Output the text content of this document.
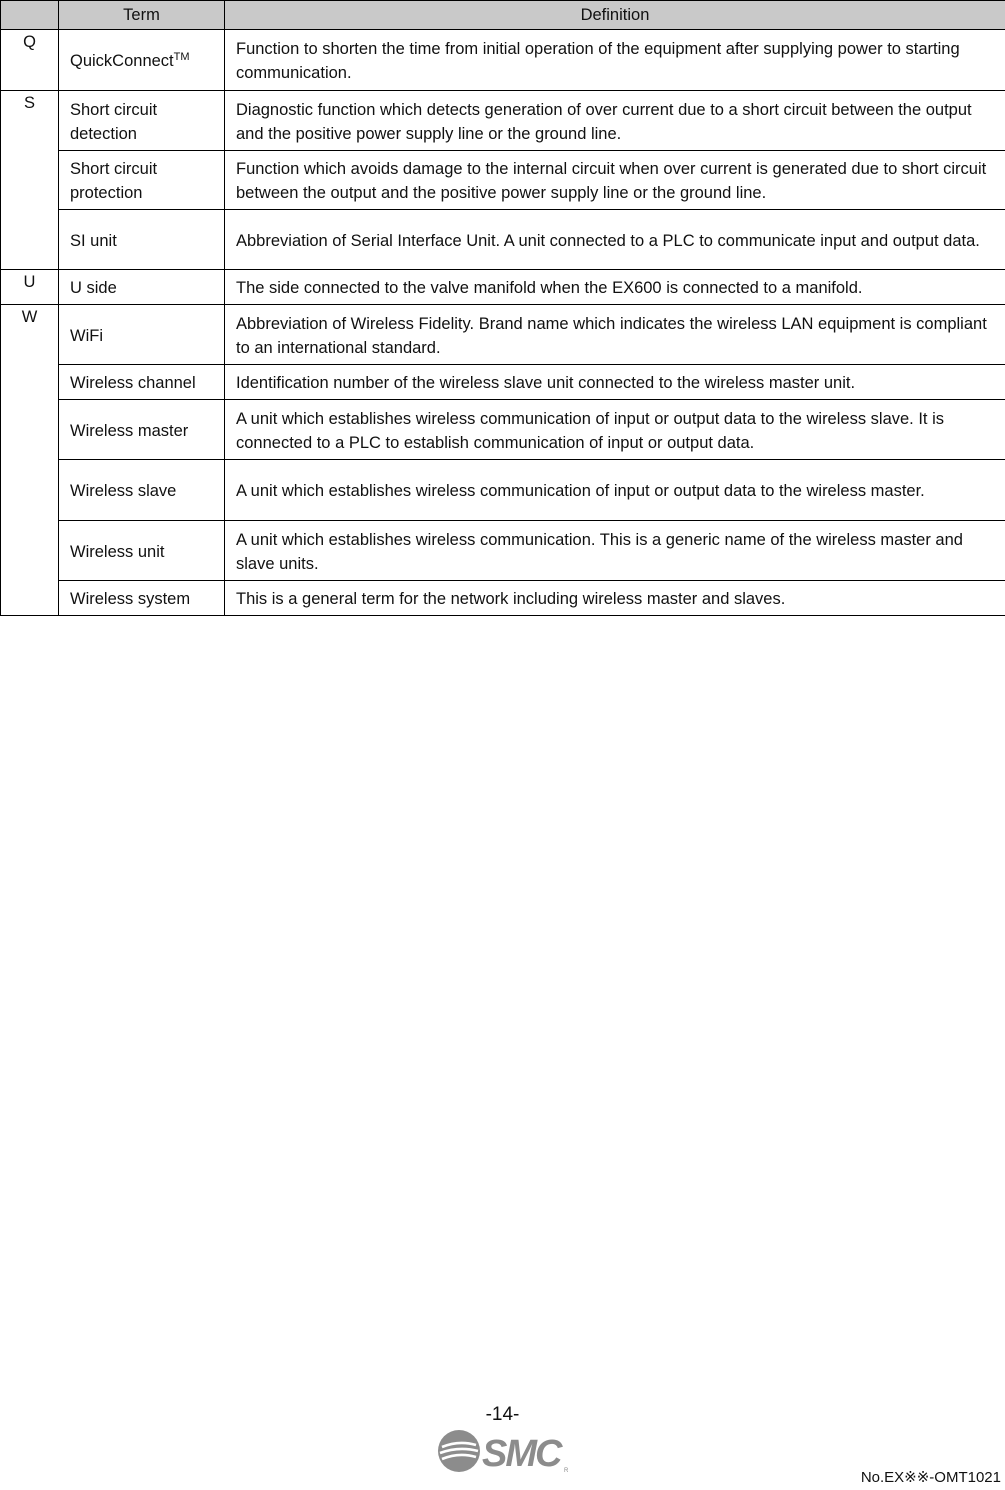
	Term	Definition
Q	QuickConnect™	Function to shorten the time from initial operation of the equipment after supplying power to starting communication.
S	Short circuit detection	Diagnostic function which detects generation of over current due to a short circuit between the output and the positive power supply line or the ground line.
	Short circuit protection	Function which avoids damage to the internal circuit when over current is generated due to short circuit between the output and the positive power supply line or the ground line.
	SI unit	Abbreviation of Serial Interface Unit. A unit connected to a PLC to communicate input and output data.
U	U side	The side connected to the valve manifold when the EX600 is connected to a manifold.
W	WiFi	Abbreviation of Wireless Fidelity. Brand name which indicates the wireless LAN equipment is compliant to an international standard.
	Wireless channel	Identification number of the wireless slave unit connected to the wireless master unit.
	Wireless master	A unit which establishes wireless communication of input or output data to the wireless slave. It is connected to a PLC to establish communication of input or output data.
	Wireless slave	A unit which establishes wireless communication of input or output data to the wireless master.
	Wireless unit	A unit which establishes wireless communication. This is a generic name of the wireless master and slave units.
	Wireless system	This is a general term for the network including wireless master and slaves.
-14-
SMC R	No.EX※※-OMT1021
